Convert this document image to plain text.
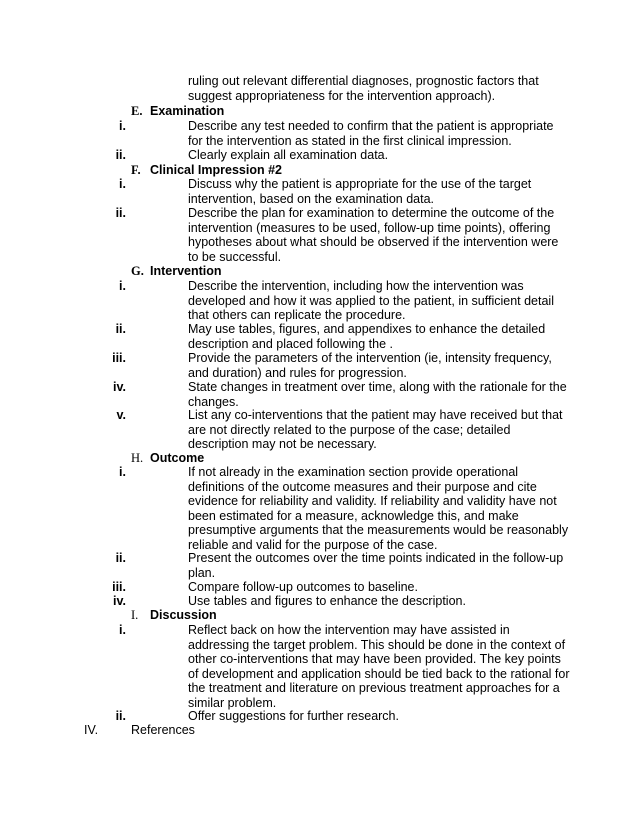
ruling out relevant differential diagnoses, prognostic factors that suggest appropriateness for the intervention approach).
E. Examination
i.	Describe any test needed to confirm that the patient is appropriate for the intervention as stated in the first clinical impression.
ii.	Clearly explain all examination data.
F. Clinical Impression #2
i.	Discuss why the patient is appropriate for the use of the target intervention, based on the examination data.
ii.	Describe the plan for examination to determine the outcome of the intervention (measures to be used, follow-up time points), offering hypotheses about what should be observed if the intervention were to be successful.
G. Intervention
i.	Describe the intervention, including how the intervention was developed and how it was applied to the patient, in sufficient detail that others can replicate the procedure.
ii.	May use tables, figures, and appendixes to enhance the detailed description and placed following the .
iii.	Provide the parameters of the intervention (ie, intensity frequency, and duration) and rules for progression.
iv.	State changes in treatment over time, along with the rationale for the changes.
v.	List any co-interventions that the patient may have received but that are not directly related to the purpose of the case; detailed description may not be necessary.
H. Outcome
i.	If not already in the examination section provide operational definitions of the outcome measures and their purpose and cite evidence for reliability and validity. If reliability and validity have not been estimated for a measure, acknowledge this, and make presumptive arguments that the measurements would be reasonably reliable and valid for the purpose of the case.
ii.	Present the outcomes over the time points indicated in the follow-up plan.
iii.	Compare follow-up outcomes to baseline.
iv.	Use tables and figures to enhance the description.
I. Discussion
i.	Reflect back on how the intervention may have assisted in addressing the target problem. This should be done in the context of other co-interventions that may have been provided. The key points of development and application should be tied back to the rational for the treatment and literature on previous treatment approaches for a similar problem.
ii.	Offer suggestions for further research.
IV.	References
